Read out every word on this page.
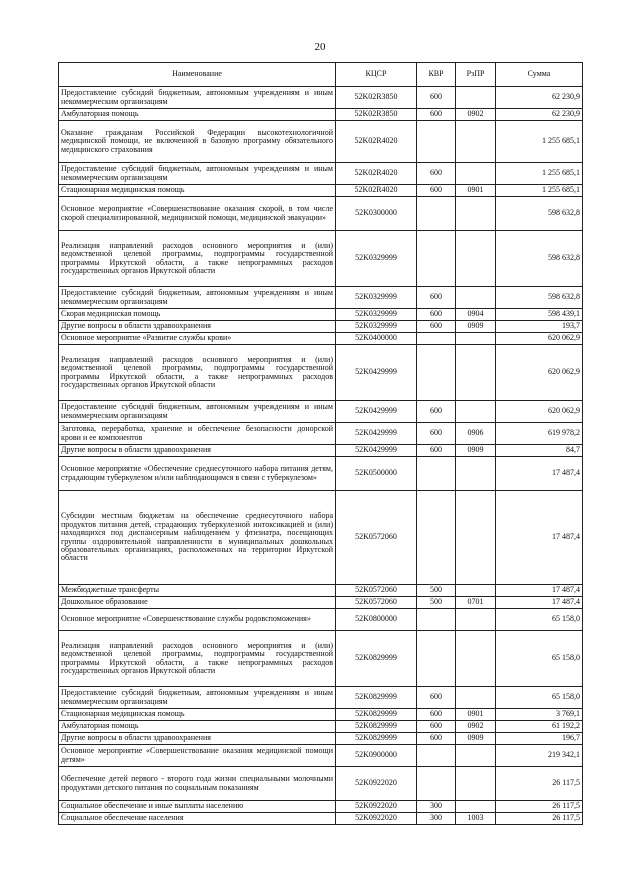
20
Наименование	КЦСР	КВР	РзПР	Сумма
Предоставление субсидий бюджетным, автономным учреждениям и иным некоммерческим организациям	52K02R3850	600		62 230,9
Амбулаторная помощь	52K02R3850	600	0902	62 230,9
Оказание гражданам Российской Федерации высокотехнологичной медицинской помощи, не включенной в базовую программу обязательного медицинского страхования	52K02R4020			1 255 685,1
Предоставление субсидий бюджетным, автономным учреждениям и иным некоммерческим организациям	52K02R4020	600		1 255 685,1
Стационарная медицинская помощь	52K02R4020	600	0901	1 255 685,1
Основное мероприятие «Совершенствование оказания скорой, в том числе скорой специализированной, медицинской помощи, медицинской эвакуации»	52K0300000			598 632,8
Реализация направлений расходов основного мероприятия и (или) ведомственной целевой программы, подпрограммы государственной программы Иркутской области, а также непрограммных расходов государственных органов Иркутской области	52K0329999			598 632,8
Предоставление субсидий бюджетным, автономным учреждениям и иным некоммерческим организациям	52K0329999	600		598 632,8
Скорая медицинская помощь	52K0329999	600	0904	598 439,1
Другие вопросы в области здравоохранения	52K0329999	600	0909	193,7
Основное мероприятие «Развитие службы крови»	52K0400000			620 062,9
Реализация направлений расходов основного мероприятия и (или) ведомственной целевой программы, подпрограммы государственной программы Иркутской области, а также непрограммных расходов государственных органов Иркутской области	52K0429999			620 062,9
Предоставление субсидий бюджетным, автономным учреждениям и иным некоммерческим организациям	52K0429999	600		620 062,9
Заготовка, переработка, хранение и обеспечение безопасности донорской крови и ее компонентов	52K0429999	600	0906	619 978,2
Другие вопросы в области здравоохранения	52K0429999	600	0909	84,7
Основное мероприятие «Обеспечение среднесуточного набора питания детям, страдающим туберкулезом и/или наблюдающимся в связи с туберкулезом»	52K0500000			17 487,4
Субсидии местным бюджетам на обеспечение среднесуточного набора продуктов питания детей, страдающих туберкулезной интоксикацией и (или) находящихся под диспансерным наблюдением у фтизиатра, посещающих группы оздоровительной направленности в муниципальных дошкольных образовательных организациях, расположенных на территории Иркутской области	52K0572060			17 487,4
Межбюджетные трансферты	52K0572060	500		17 487,4
Дошкольное образование	52K0572060	500	0701	17 487,4
Основное мероприятие «Совершенствование службы родовспоможения»	52K0800000			65 158,0
Реализация направлений расходов основного мероприятия и (или) ведомственной целевой программы, подпрограммы государственной программы Иркутской области, а также непрограммных расходов государственных органов Иркутской области	52K0829999			65 158,0
Предоставление субсидий бюджетным, автономным учреждениям и иным некоммерческим организациям	52K0829999	600		65 158,0
Стационарная медицинская помощь	52K0829999	600	0901	3 769,1
Амбулаторная помощь	52K0829999	600	0902	61 192,2
Другие вопросы в области здравоохранения	52K0829999	600	0909	196,7
Основное мероприятие «Совершенствование оказания медицинской помощи детям»	52K0900000			219 342,1
Обеспечение детей первого - второго года жизни специальными молочными продуктами детского питания по социальным показаниям	52K0922020			26 117,5
Социальное обеспечение и иные выплаты населению	52K0922020	300		26 117,5
Социальное обеспечение населения	52K0922020	300	1003	26 117,5
